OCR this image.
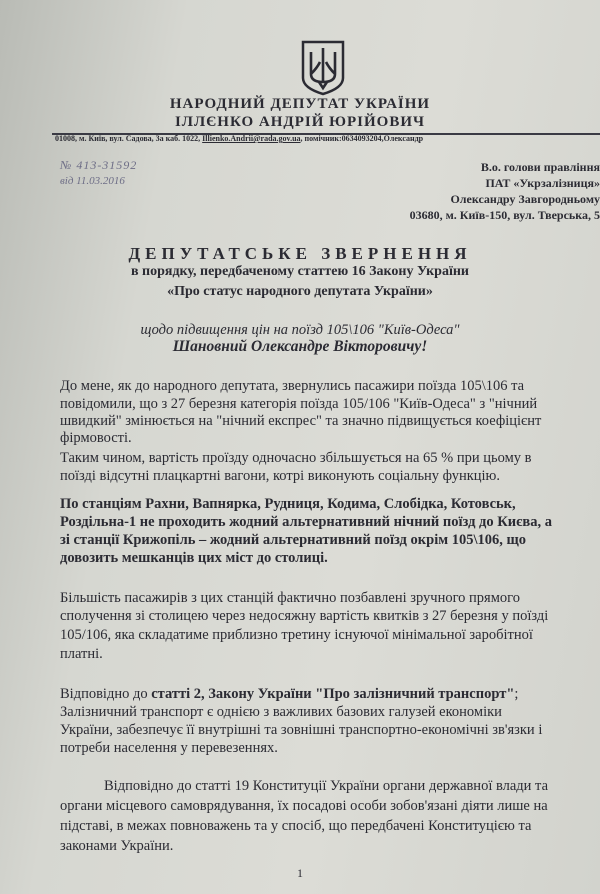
НАРОДНИЙ ДЕПУТАТ УКРАЇНИ
ІЛЛЄНКО АНДРІЙ ЮРІЙОВИЧ
01008, м. Київ, вул. Садова, 3а каб. 1022, Illienko.Andrii@rada.gov.ua, помічник:0634093204,Олександр
№ 413-31592
від 11.03.2016
В.о. голови правління
ПАТ «Укрзалізниця»
Олександру Завгородньому
03680, м. Київ-150, вул. Тверська, 5
ДЕПУТАТСЬКЕ ЗВЕРНЕННЯ
в порядку, передбаченому статтею 16 Закону України
«Про статус народного депутата України»
щодо підвищення цін на поїзд 105\106 "Київ-Одеса"
Шановний Олександре Вікторовичу!
До мене, як до народного депутата, звернулись пасажири поїзда 105\106 та
повідомили, що з 27 березня категорія поїзда 105/106 "Київ-Одеса" з "нічний
швидкий" змінюється на "нічний експрес" та значно підвищується коефіцієнт
фірмовості.
Таким чином, вартість проїзду одночасно збільшується на 65 % при цьому в
поїзді відсутні плацкартні вагони, котрі виконують соціальну функцію.
По станціям Рахни, Вапнярка, Рудниця, Кодима, Слобідка, Котовськ,
Роздільна-1 не проходить жодний альтернативний нічний поїзд до Києва, а
зі станції Крижопіль – жодний альтернативний поїзд окрім 105\106, що
довозить мешканців цих міст до столиці.
Більшість пасажирів з цих станцій фактично позбавлені зручного прямого
сполучення зі столицею через недосяжну вартість квитків з 27 березня у поїзді
105/106, яка складатиме приблизно третину існуючої мінімальної заробітної
платні.
Відповідно до статті 2, Закону України "Про залізничний транспорт";
Залізничний транспорт є однією з важливих базових галузей економіки
України, забезпечує її внутрішні та зовнішні транспортно-економічні зв'язки і
потреби населення у перевезеннях.
Відповідно до статті 19 Конституції України органи державної влади та
органи місцевого самоврядування, їх посадові особи зобов'язані діяти лише на
підставі, в межах повноважень та у спосіб, що передбачені Конституцією та
законами України.
1
